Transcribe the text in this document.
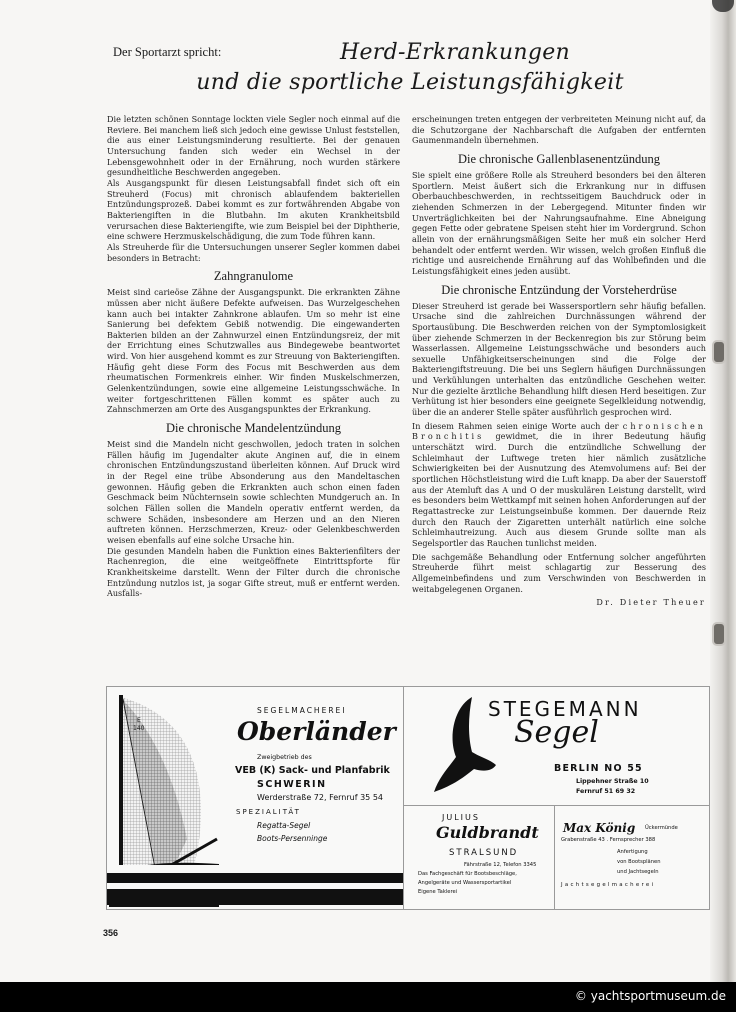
Der Sportarzt spricht:	Herd-Erkrankungen
und die sportliche Leistungsfähigkeit

Die letzten schönen Sonntage lockten viele Segler noch einmal auf die Reviere. Bei manchem ließ sich jedoch eine gewisse Unlust feststellen, die aus einer Leistungsminderung resultierte. Bei der genauen Untersuchung fanden sich weder ein Wechsel in der Lebensgewohnheit oder in der Ernährung, noch wurden stärkere gesundheitliche Beschwerden angegeben.

Als Ausgangspunkt für diesen Leistungsabfall findet sich oft ein Streuherd (Focus) mit chronisch ablaufendem bakteriellen Entzündungsprozeß. Dabei kommt es zur fortwährenden Abgabe von Bakteriengiften in die Blutbahn. Im akuten Krankheitsbild verursachen diese Bakteriengifte, wie zum Beispiel bei der Diphtherie, eine schwere Herzmuskelschädigung, die zum Tode führen kann.

Als Streuherde für die Untersuchungen unserer Segler kommen dabei besonders in Betracht:

Zahngranulome

Meist sind carieöse Zähne der Ausgangspunkt. Die erkrankten Zähne müssen aber nicht äußere Defekte aufweisen. Das Wurzelgeschehen kann auch bei intakter Zahnkrone ablaufen. Um so mehr ist eine Sanierung bei defektem Gebiß notwendig. Die eingewanderten Bakterien bilden an der Zahnwurzel einen Entzündungsreiz, der mit der Errichtung eines Schutzwalles aus Bindegewebe beantwortet wird. Von hier ausgehend kommt es zur Streuung von Bakteriengiften. Häufig geht diese Form des Focus mit Beschwerden aus dem rheumatischen Formenkreis einher. Wir finden Muskelschmerzen, Gelenkentzündungen, sowie eine allgemeine Leistungsschwäche. In weiter fortgeschrittenen Fällen kommt es später auch zu Zahnschmerzen am Orte des Ausgangspunktes der Erkrankung.

Die chronische Mandelentzündung

Meist sind die Mandeln nicht geschwollen, jedoch traten in solchen Fällen häufig im Jugendalter akute Anginen auf, die in einem chronischen Entzündungszustand überleiten können. Auf Druck wird in der Regel eine trübe Absonderung aus den Mandeltaschen gewonnen. Häufig geben die Erkrankten auch schon einen faden Geschmack beim Nüchternsein sowie schlechten Mundgeruch an. In solchen Fällen sollen die Mandeln operativ entfernt werden, da schwere Schäden, insbesondere am Herzen und an den Nieren auftreten können. Herzschmerzen, Kreuz- oder Gelenkbeschwerden weisen ebenfalls auf eine solche Ursache hin.

Die gesunden Mandeln haben die Funktion eines Bakterienfilters der Rachenregion, die eine weitgeöffnete Eintrittspforte für Krankheitskeime darstellt. Wenn der Filter durch die chronische Entzündung nutzlos ist, ja sogar Gifte streut, muß er entfernt werden. Ausfalls-

erscheinungen treten entgegen der verbreiteten Meinung nicht auf, da die Schutzorgane der Nachbarschaft die Aufgaben der entfernten Gaumenmandeln übernehmen.

Die chronische Gallenblasenentzündung

Sie spielt eine größere Rolle als Streuherd besonders bei den älteren Sportlern. Meist äußert sich die Erkrankung nur in diffusen Oberbauchbeschwerden, in rechtsseitigem Bauchdruck oder in ziehenden Schmerzen in der Lebergegend. Mitunter finden wir Unverträglichkeiten bei der Nahrungsaufnahme. Eine Abneigung gegen Fette oder gebratene Speisen steht hier im Vordergrund. Schon allein von der ernährungsmäßigen Seite her muß ein solcher Herd behandelt oder entfernt werden. Wir wissen, welch großen Einfluß die richtige und ausreichende Ernährung auf das Wohlbefinden und die Leistungsfähigkeit eines jeden ausübt.

Die chronische Entzündung der Vorsteherdrüse

Dieser Streuherd ist gerade bei Wassersportlern sehr häufig befallen. Ursache sind die zahlreichen Durchnässungen während der Sportausübung. Die Beschwerden reichen von der Symptomlosigkeit über ziehende Schmerzen in der Beckenregion bis zur Störung beim Wasserlassen. Allgemeine Leistungsschwäche und besonders auch sexuelle Unfähigkeitserscheinungen sind die Folge der Bakteriengiftstreuung. Die bei uns Seglern häufigen Durchnässungen und Verkühlungen unterhalten das entzündliche Geschehen weiter. Nur die gezielte ärztliche Behandlung hilft diesen Herd beseitigen. Zur Verhütung ist hier besonders eine geeignete Segelkleidung notwendig, über die an anderer Stelle später ausführlich gesprochen wird.

In diesem Rahmen seien einige Worte auch der chronischen Bronchitis gewidmet, die in ihrer Bedeutung häufig unterschätzt wird. Durch die entzündliche Schwellung der Schleimhaut der Luftwege treten hier nämlich zusätzliche Schwierigkeiten bei der Ausnutzung des Atemvolumens auf: Bei der sportlichen Höchstleistung wird die Luft knapp. Da aber der Sauerstoff aus der Atemluft das A und O der muskulären Leistung darstellt, wird es besonders beim Wettkampf mit seinen hohen Anforderungen auf der Regattastrecke zur Leistungseinbuße kommen. Der dauernde Reiz durch den Rauch der Zigaretten unterhält natürlich eine solche Schleimhautreizung. Auch aus diesem Grunde sollte man als Segelsportler das Rauchen tunlichst meiden.

Die sachgemäße Behandlung oder Entfernung solcher angeführten Streuherde führt meist schlagartig zur Besserung des Allgemeinbefindens und zum Verschwinden von Beschwerden in weitabgelegenen Organen.

Dr. Dieter Theuer

E
140
SEGELMACHEREI
Oberländer
Zweigbetrieb des
VEB (K) Sack- und Planfabrik
SCHWERIN
Werderstraße 72, Fernruf 35 54
SPEZIALITÄT
Regatta-Segel
Boots-Persenninge
STEGEMANN
Segel
BERLIN NO 55
Lippehner Straße 10
Fernruf 51 69 32
JULIUS
Guldbrandt
STRALSUND
Fährstraße 12, Telefon 3345
Das Fachgeschäft für Bootsbeschläge,
Angelgeräte und Wassersportartikel
Eigene Taklerei
Max König Ückermünde
Grabenstraße 43 . Fernsprecher 388
Anfertigung
von Bootsplänen
und Jachtsegeln
Jachtsegelmacherei
356
© yachtsportmuseum.de
